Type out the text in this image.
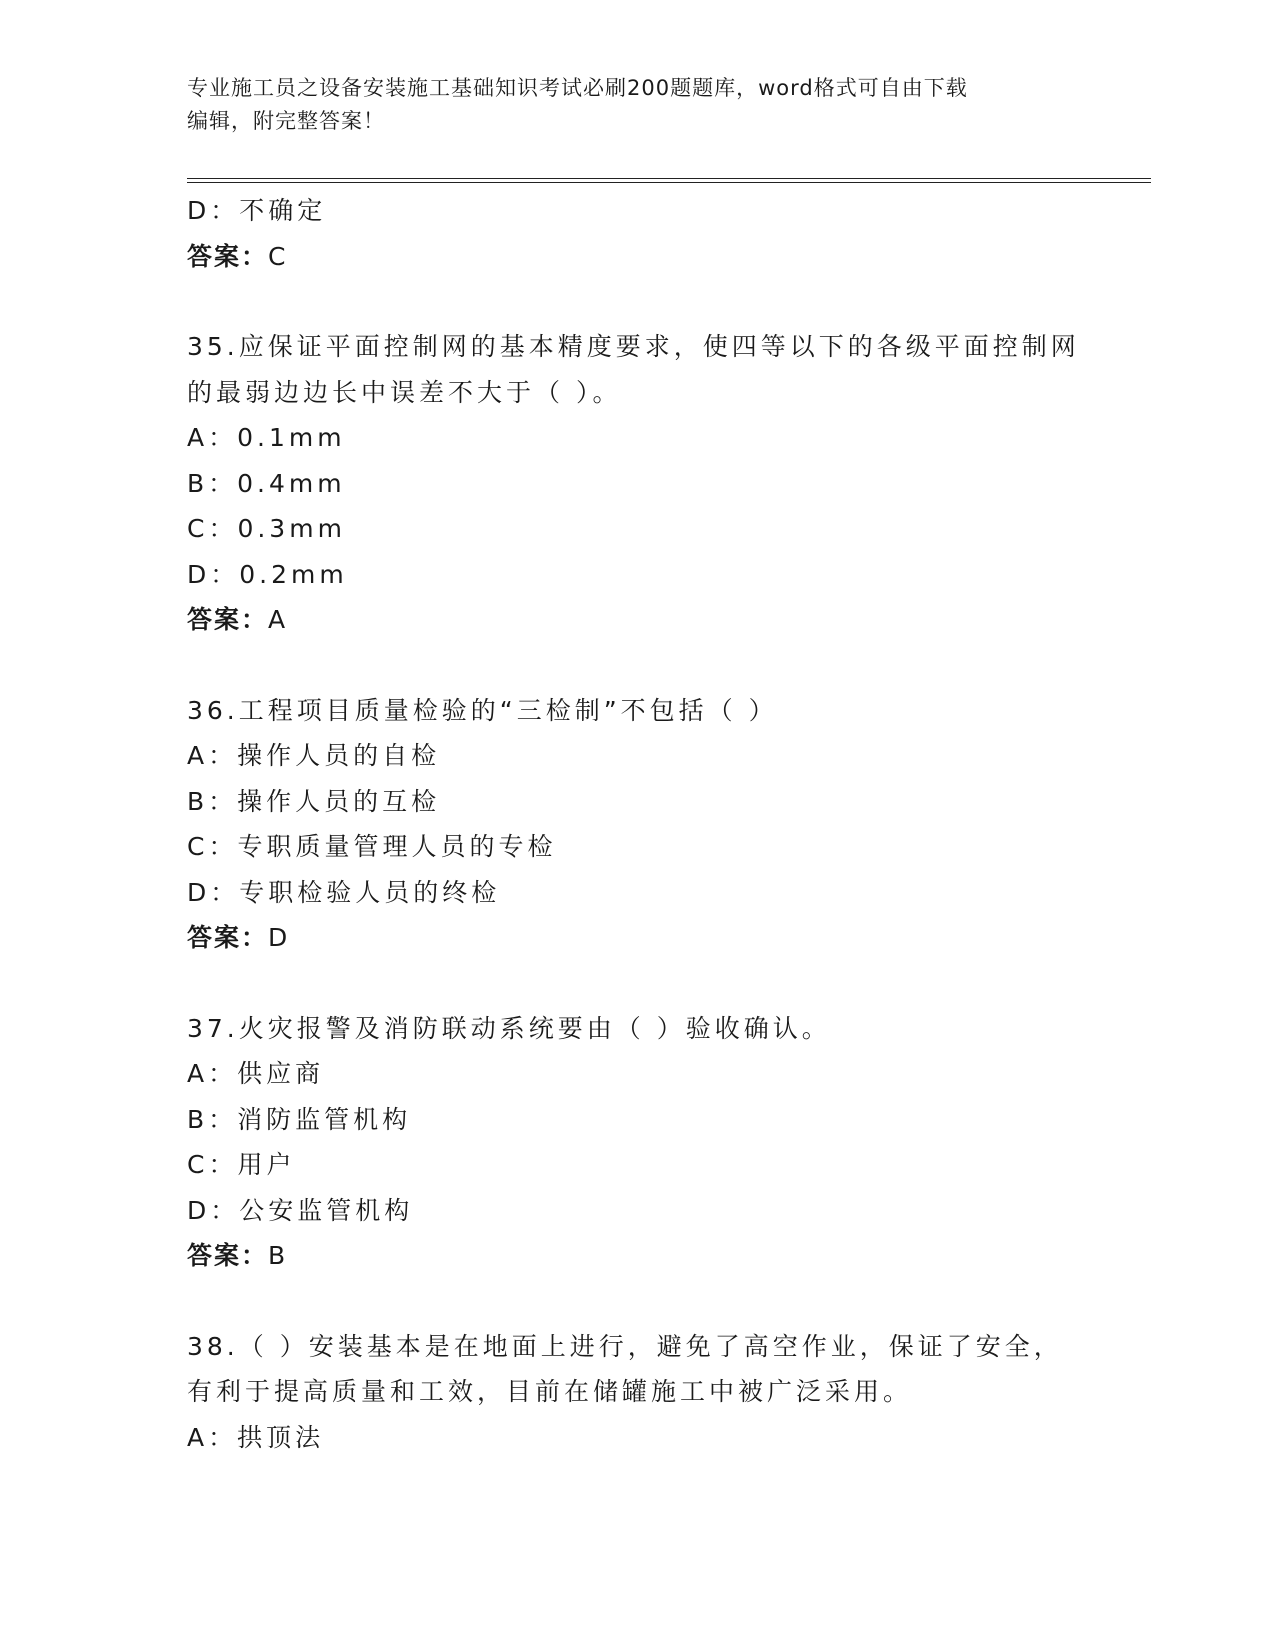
专业施工员之设备安装施工基础知识考试必刷200题题库，word格式可自由下载
编辑，附完整答案！
D：不确定
答案：C
35.应保证平面控制网的基本精度要求，使四等以下的各级平面控制网
的最弱边边长中误差不大于（ ）。
A：0.1mm
B：0.4mm
C：0.3mm
D：0.2mm
答案：A
36.工程项目质量检验的“三检制”不包括（ ）
A：操作人员的自检
B：操作人员的互检
C：专职质量管理人员的专检
D：专职检验人员的终检
答案：D
37.火灾报警及消防联动系统要由（ ）验收确认。
A：供应商
B：消防监管机构
C：用户
D：公安监管机构
答案：B
38.（ ）安装基本是在地面上进行，避免了高空作业，保证了安全，
有利于提高质量和工效，目前在储罐施工中被广泛采用。
A：拱顶法
